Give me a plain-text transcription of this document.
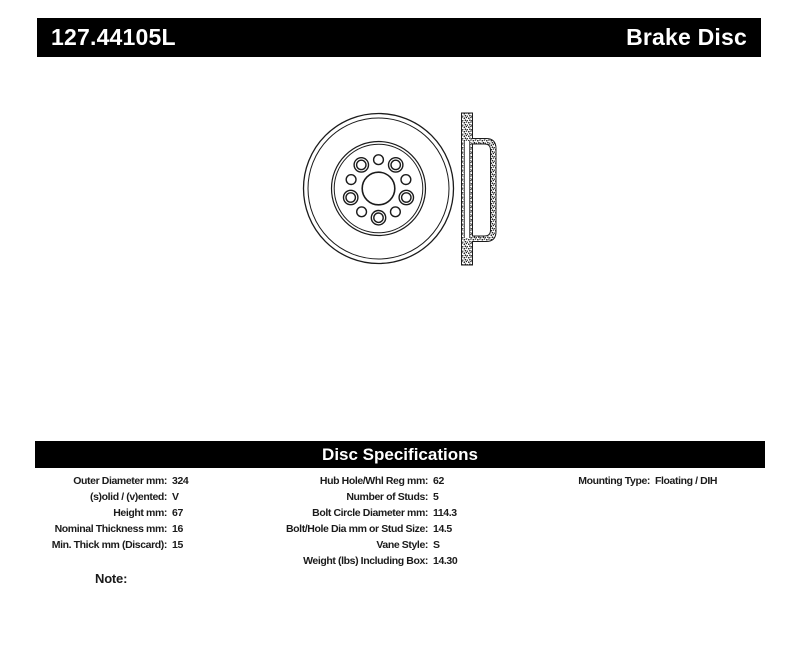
127.44105L	Brake Disc
Disc Specifications
Outer Diameter mm: 324
(s)olid / (v)ented: V
Height mm: 67
Nominal Thickness mm: 16
Min. Thick mm (Discard): 15
Hub Hole/Whl Reg mm: 62
Number of Studs: 5
Bolt Circle Diameter mm: 114.3
Bolt/Hole Dia mm or Stud Size: 14.5
Vane Style: S
Weight (lbs) Including Box: 14.30
Mounting Type: Floating / DIH
Note:
